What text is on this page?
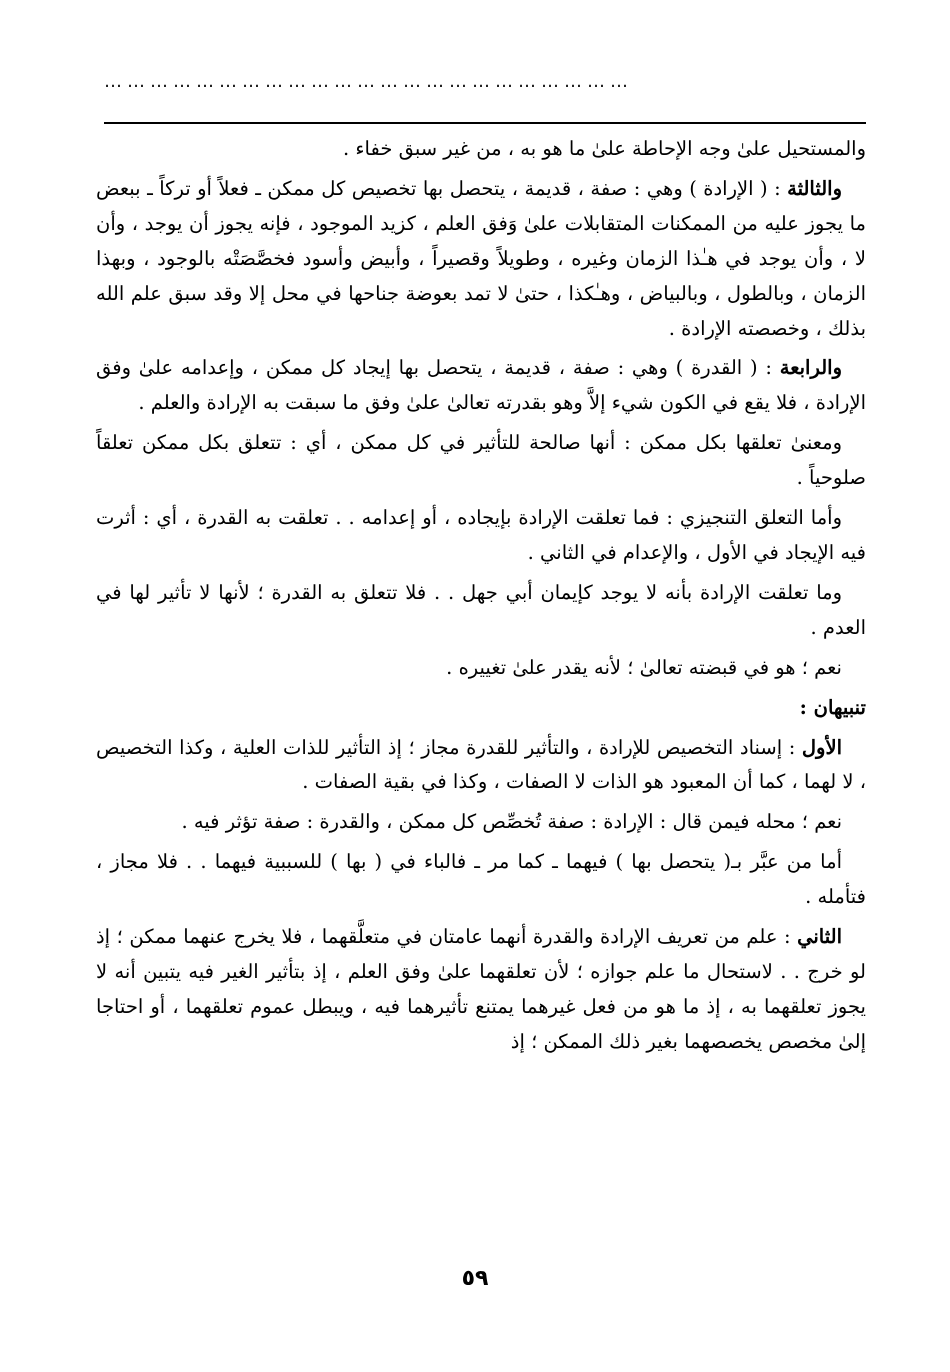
……………………………………………………………

والمستحيل علىٰ وجه الإحاطة علىٰ ما هو به ، من غير سبق خفاء .

والثالثة : ( الإرادة ) وهي : صفة ، قديمة ، يتحصل بها تخصيص كل ممكن ـ فعلاً أو تركاً ـ ببعض ما يجوز عليه من الممكنات المتقابلات علىٰ وَفق العلم ، كزيد الموجود ، فإنه يجوز أن يوجد ، وأن لا ، وأن يوجد في هـٰذا الزمان وغيره ، وطويلاً وقصيراً ، وأبيض وأسود فخصَّصَتْه بالوجود ، وبهذا الزمان ، وبالطول ، وبالبياض ، وهـٰكذا ، حتىٰ لا تمد بعوضة جناحها في محل إلا وقد سبق علم الله بذلك ، وخصصته الإرادة .

والرابعة : ( القدرة ) وهي : صفة ، قديمة ، يتحصل بها إيجاد كل ممكن ، وإعدامه علىٰ وفق الإرادة ، فلا يقع في الكون شيء إلاَّ وهو بقدرته تعالىٰ علىٰ وفق ما سبقت به الإرادة والعلم .

ومعنىٰ تعلقها بكل ممكن : أنها صالحة للتأثير في كل ممكن ، أي : تتعلق بكل ممكن تعلقاً صلوحياً .

وأما التعلق التنجيزي : فما تعلقت الإرادة بإيجاده ، أو إعدامه . . تعلقت به القدرة ، أي : أثرت فيه الإيجاد في الأول ، والإعدام في الثاني .

وما تعلقت الإرادة بأنه لا يوجد كإيمان أبي جهل . . فلا تتعلق به القدرة ؛ لأنها لا تأثير لها في العدم .

نعم ؛ هو في قبضته تعالىٰ ؛ لأنه يقدر علىٰ تغييره .

تنبيهان :

الأول : إسناد التخصيص للإرادة ، والتأثير للقدرة مجاز ؛ إذ التأثير للذات العلية ، وكذا التخصيص ، لا لهما ، كما أن المعبود هو الذات لا الصفات ، وكذا في بقية الصفات .

نعم ؛ محله فيمن قال : الإرادة : صفة تُخصِّص كل ممكن ، والقدرة : صفة تؤثر فيه .

أما من عبَّر بـ( يتحصل بها ) فيهما ـ كما مر ـ فالباء في ( بها ) للسببية فيهما . . فلا مجاز ، فتأمله .

الثاني : علم من تعريف الإرادة والقدرة أنهما عامتان في متعلَّقهما ، فلا يخرج عنهما ممكن ؛ إذ لو خرج . . لاستحال ما علم جوازه ؛ لأن تعلقهما علىٰ وفق العلم ، إذ بتأثير الغير فيه يتبين أنه لا يجوز تعلقهما به ، إذ ما هو من فعل غيرهما يمتنع تأثيرهما فيه ، ويبطل عموم تعلقهما ، أو احتاجا إلىٰ مخصص يخصصهما بغير ذلك الممكن ؛ إذ

٥٩
